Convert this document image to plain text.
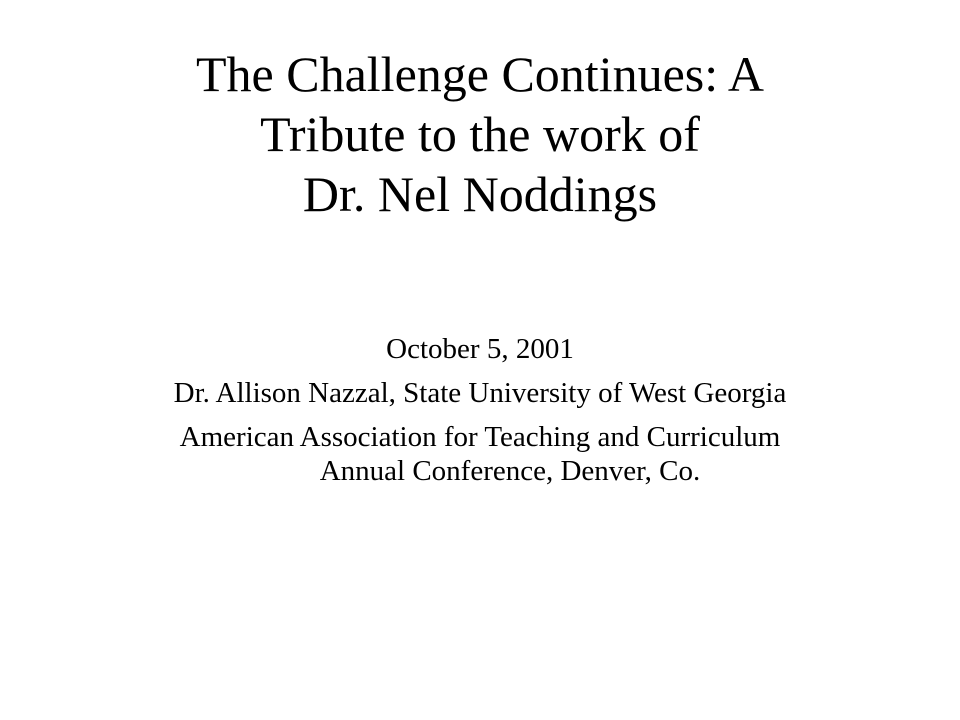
The Challenge Continues: A
Tribute to the work of
Dr. Nel Noddings
October 5, 2001
Dr. Allison Nazzal, State University of West Georgia
American Association for Teaching and Curriculum
Annual Conference, Denver, Co.
